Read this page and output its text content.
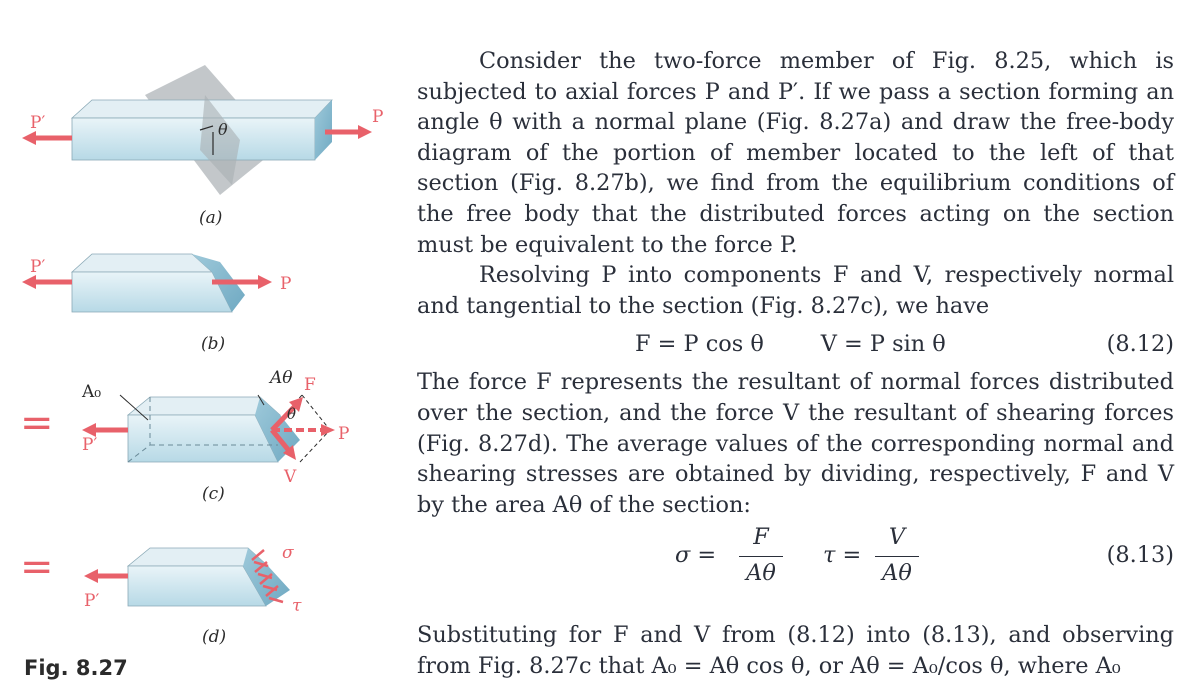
P′	P
θ
(a)
P′
P
(b)
=
A₀
Aθ F
θ
P
V
P′
(c)
=	σ
τ
P′
(d)
Fig. 8.27

Consider the two-force member of Fig. 8.25, which is subjected to axial forces P and P′. If we pass a section forming an angle θ with a normal plane (Fig. 8.27a) and draw the free-body diagram of the portion of member located to the left of that section (Fig. 8.27b), we find from the equilibrium conditions of the free body that the distributed forces acting on the section must be equivalent to the force P.

Resolving P into components F and V, respectively normal and tangential to the section (Fig. 8.27c), we have

F = P cos θ        V = P sin θ	(8.12)

The force F represents the resultant of normal forces distributed over the section, and the force V the resultant of shearing forces (Fig. 8.27d). The average values of the corresponding normal and shearing stresses are obtained by dividing, respectively, F and V by the area Aθ of the section:

σ =
F
Aθ
τ =
V
Aθ
(8.13)

Substituting for F and V from (8.12) into (8.13), and observing from Fig. 8.27c that A₀ = Aθ cos θ, or Aθ = A₀/cos θ, where A₀
